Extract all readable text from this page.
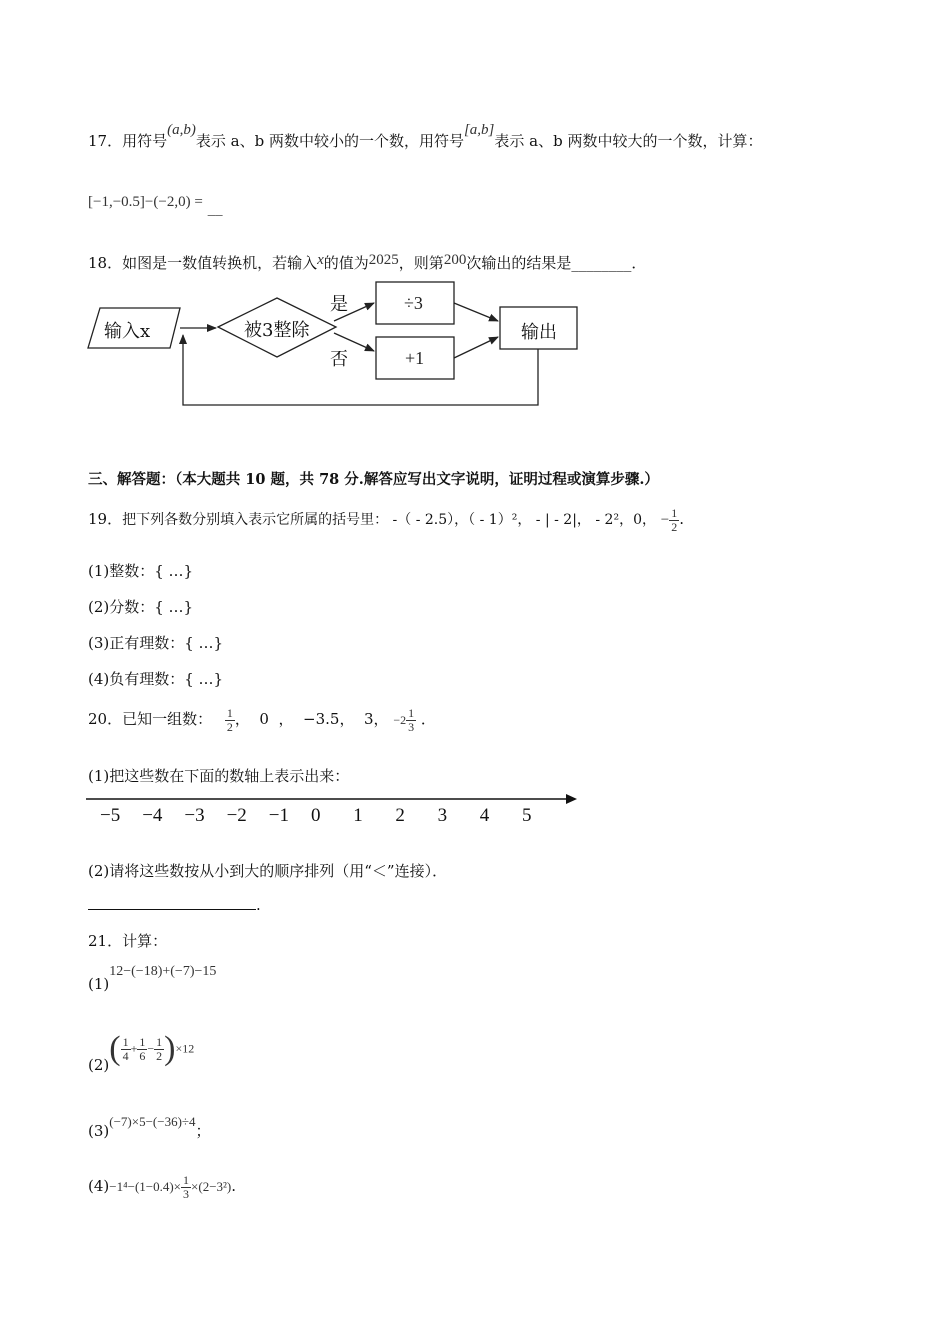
17．用符号(a,b)表示 a、b 两数中较小的一个数，用符号[a,b]表示 a、b 两数中较大的一个数，计算：
[−1,−0.5]−(−2,0) = __
18．如图是一数值转换机，若输入x的值为2025，则第200次输出的结果是________．
输入x	被3整除
是
否
÷3
+1
输出
三、解答题：（本大题共 10 题，共 78 分.解答应写出文字说明，证明过程或演算步骤.）
19．把下列各数分别填入表示它所属的括号里： -（ - 2.5），（ - 1）²， - | - 2|， - 2²，0， − $\frac{1}{2}$ .
(1)整数：{ …}
(2)分数：{ …}
(3)正有理数：{ …}
(4)负有理数：{ …}
20．已知一组数： $\frac{1}{2}$ ，  0  ，  −3.5，  3， $-2 \frac{1}{3}$ ．
(1)把这些数在下面的数轴上表示出来：
−5 −4 −3 −2 −1 0 1 2 3 4 5
(2)请将这些数按从小到大的顺序排列（用“＜”连接）．
.
21．计算：
(1)12−(−18)+(−7)−15
$(2)( \frac{1}{4} + \frac{1}{6} - \frac{1}{2} )\times 12$
(3)(−7)×5−(−36)÷4；
$(4)-1^4-(1-0.4)\times \frac{1}{3} \times(2-3^2)$.
